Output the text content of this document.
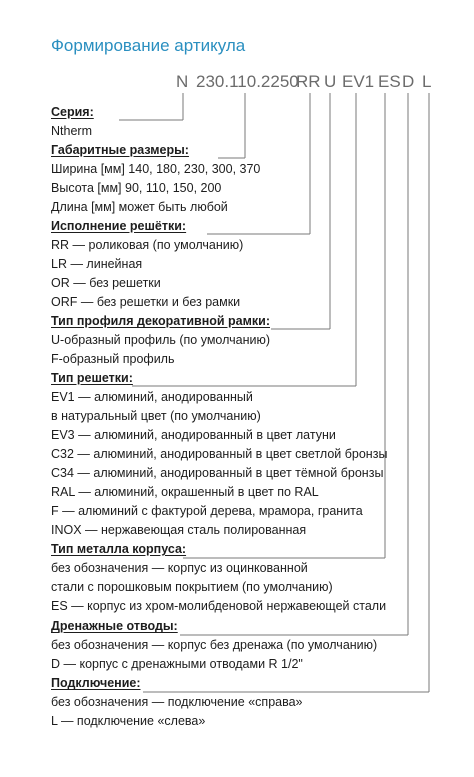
Формирование артикула
N 230.110.2250
RR U EV1 ES D L
Серия:
Ntherm
Габаритные размеры:
Ширина [мм] 140, 180, 230, 300, 370
Высота [мм] 90, 110, 150, 200
Длина [мм] может быть любой
Исполнение решётки:
RR — роликовая (по умолчанию)
LR — линейная
OR — без решетки
ORF — без решетки и без рамки
Тип профиля декоративной рамки:
U-образный профиль (по умолчанию)
F-образный профиль
Тип решетки:
EV1 — алюминий, анодированный
в натуральный цвет (по умолчанию)
EV3 — алюминий, анодированный в цвет латуни
C32 — алюминий, анодированный в цвет светлой бронзы
C34 — алюминий, анодированный в цвет тёмной бронзы
RAL — алюминий, окрашенный в цвет по RAL
F — алюминий с фактурой дерева, мрамора, гранита
INOX — нержавеющая сталь полированная
Тип металла корпуса:
без обозначения — корпус из оцинкованной
стали с порошковым покрытием (по умолчанию)
ES — корпус из хром-молибденовой нержавеющей стали
Дренажные отводы:
без обозначения — корпус без дренажа (по умолчанию)
D — корпус с дренажными отводами R 1/2"
Подключение:
без обозначения — подключение «справа»
L — подключение «слева»
